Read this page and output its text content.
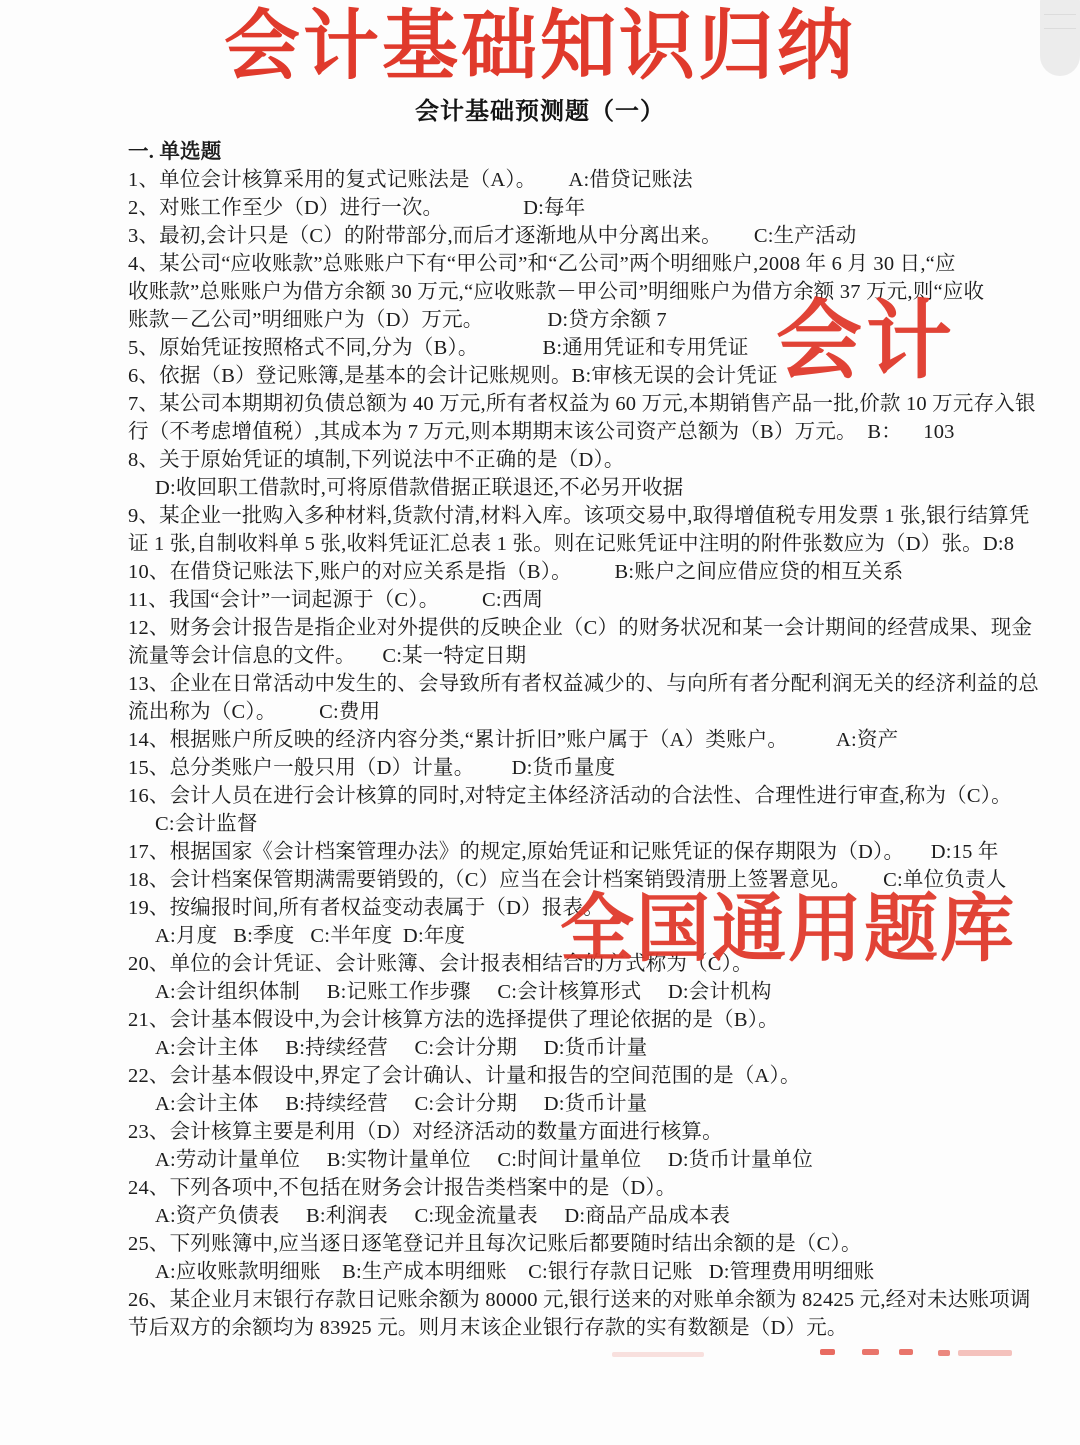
会计基础知识归纳
会计基础预测题（一）
一. 单选题
1、单位会计核算采用的复式记账法是（A）。      A:借贷记账法
2、对账工作至少（D）进行一次。               D:每年
3、最初,会计只是（C）的附带部分,而后才逐渐地从中分离出来。      C:生产活动
4、某公司“应收账款”总账账户下有“甲公司”和“乙公司”两个明细账户,2008 年 6 月 30 日,“应
收账款”总账账户为借方余额 30 万元,“应收账款－甲公司”明细账户为借方余额 37 万元,则“应收
账款－乙公司”明细账户为（D）万元。            D:贷方余额 7
5、原始凭证按照格式不同,分为（B）。            B:通用凭证和专用凭证
6、依据（B）登记账簿,是基本的会计记账规则。B:审核无误的会计凭证
7、某公司本期期初负债总额为 40 万元,所有者权益为 60 万元,本期销售产品一批,价款 10 万元存入银
行（不考虑增值税）,其成本为 7 万元,则本期期末该公司资产总额为（B）万元。  B：    103
8、关于原始凭证的填制,下列说法中不正确的是（D）。
D:收回职工借款时,可将原借款借据正联退还,不必另开收据
9、某企业一批购入多种材料,货款付清,材料入库。该项交易中,取得增值税专用发票 1 张,银行结算凭
证 1 张,自制收料单 5 张,收料凭证汇总表 1 张。则在记账凭证中注明的附件张数应为（D）张。D:8
10、在借贷记账法下,账户的对应关系是指（B）。        B:账户之间应借应贷的相互关系
11、我国“会计”一词起源于（C）。        C:西周
12、财务会计报告是指企业对外提供的反映企业（C）的财务状况和某一会计期间的经营成果、现金
流量等会计信息的文件。     C:某一特定日期
13、企业在日常活动中发生的、会导致所有者权益减少的、与向所有者分配利润无关的经济利益的总
流出称为（C）。        C:费用
14、根据账户所反映的经济内容分类,“累计折旧”账户属于（A）类账户。         A:资产
15、总分类账户一般只用（D）计量。       D:货币量度
16、会计人员在进行会计核算的同时,对特定主体经济活动的合法性、合理性进行审查,称为（C）。
C:会计监督
17、根据国家《会计档案管理办法》的规定,原始凭证和记账凭证的保存期限为（D）。     D:15 年
18、会计档案保管期满需要销毁的,（C）应当在会计档案销毁清册上签署意见。      C:单位负责人
19、按编报时间,所有者权益变动表属于（D）报表。
A:月度   B:季度   C:半年度  D:年度
20、单位的会计凭证、会计账簿、会计报表相结合的方式称为（C）。
A:会计组织体制     B:记账工作步骤     C:会计核算形式     D:会计机构
21、会计基本假设中,为会计核算方法的选择提供了理论依据的是（B）。
A:会计主体     B:持续经营     C:会计分期     D:货币计量
22、会计基本假设中,界定了会计确认、计量和报告的空间范围的是（A）。
A:会计主体     B:持续经营     C:会计分期     D:货币计量
23、会计核算主要是利用（D）对经济活动的数量方面进行核算。
A:劳动计量单位     B:实物计量单位     C:时间计量单位     D:货币计量单位
24、下列各项中,不包括在财务会计报告类档案中的是（D）。
A:资产负债表     B:利润表     C:现金流量表     D:商品产品成本表
25、下列账簿中,应当逐日逐笔登记并且每次记账后都要随时结出余额的是（C）。
A:应收账款明细账    B:生产成本明细账    C:银行存款日记账   D:管理费用明细账
26、某企业月末银行存款日记账余额为 80000 元,银行送来的对账单余额为 82425 元,经对未达账项调
节后双方的余额均为 83925 元。则月末该企业银行存款的实有数额是（D）元。
会计
全国通用题库
